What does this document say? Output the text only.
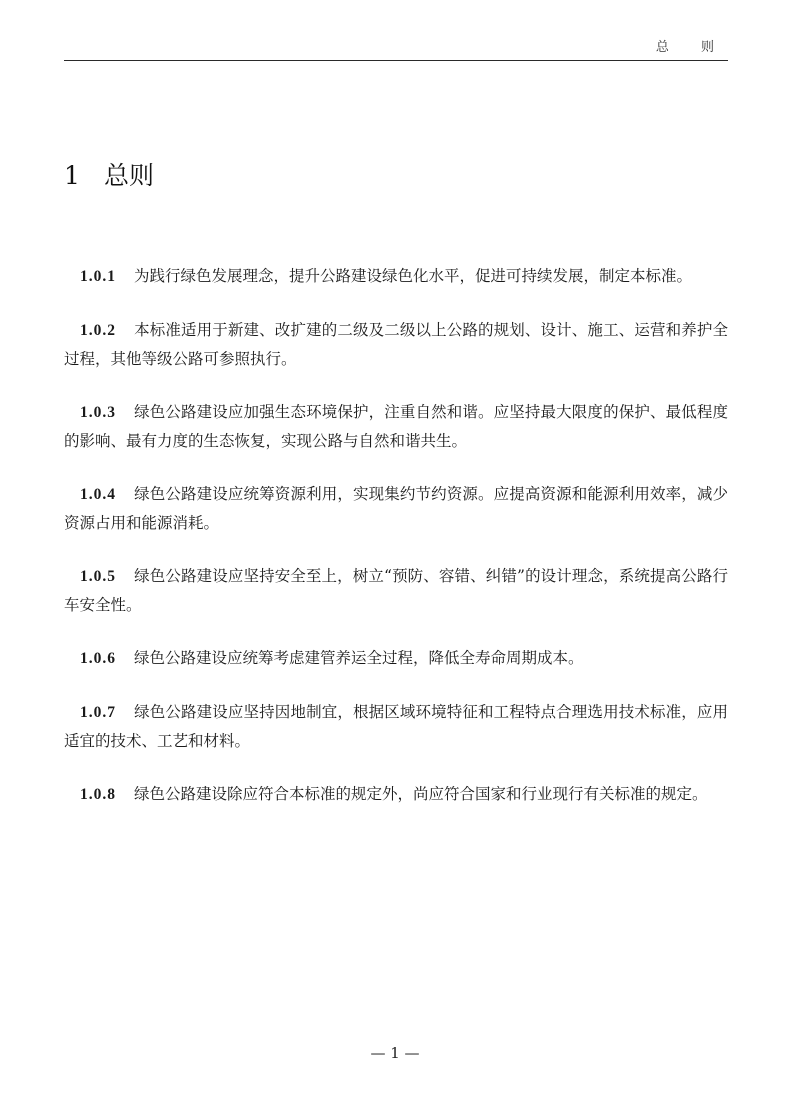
总 则
1 总则

1.0.1 为践行绿色发展理念，提升公路建设绿色化水平，促进可持续发展，制定本标准。

1.0.2 本标准适用于新建、改扩建的二级及二级以上公路的规划、设计、施工、运营和养护全过程，其他等级公路可参照执行。

1.0.3 绿色公路建设应加强生态环境保护，注重自然和谐。应坚持最大限度的保护、最低程度的影响、最有力度的生态恢复，实现公路与自然和谐共生。

1.0.4 绿色公路建设应统筹资源利用，实现集约节约资源。应提高资源和能源利用效率，减少资源占用和能源消耗。

1.0.5 绿色公路建设应坚持安全至上，树立“预防、容错、纠错”的设计理念，系统提高公路行车安全性。

1.0.6 绿色公路建设应统筹考虑建管养运全过程，降低全寿命周期成本。

1.0.7 绿色公路建设应坚持因地制宜，根据区域环境特征和工程特点合理选用技术标准，应用适宜的技术、工艺和材料。

1.0.8 绿色公路建设除应符合本标准的规定外，尚应符合国家和行业现行有关标准的规定。

— 1 —
